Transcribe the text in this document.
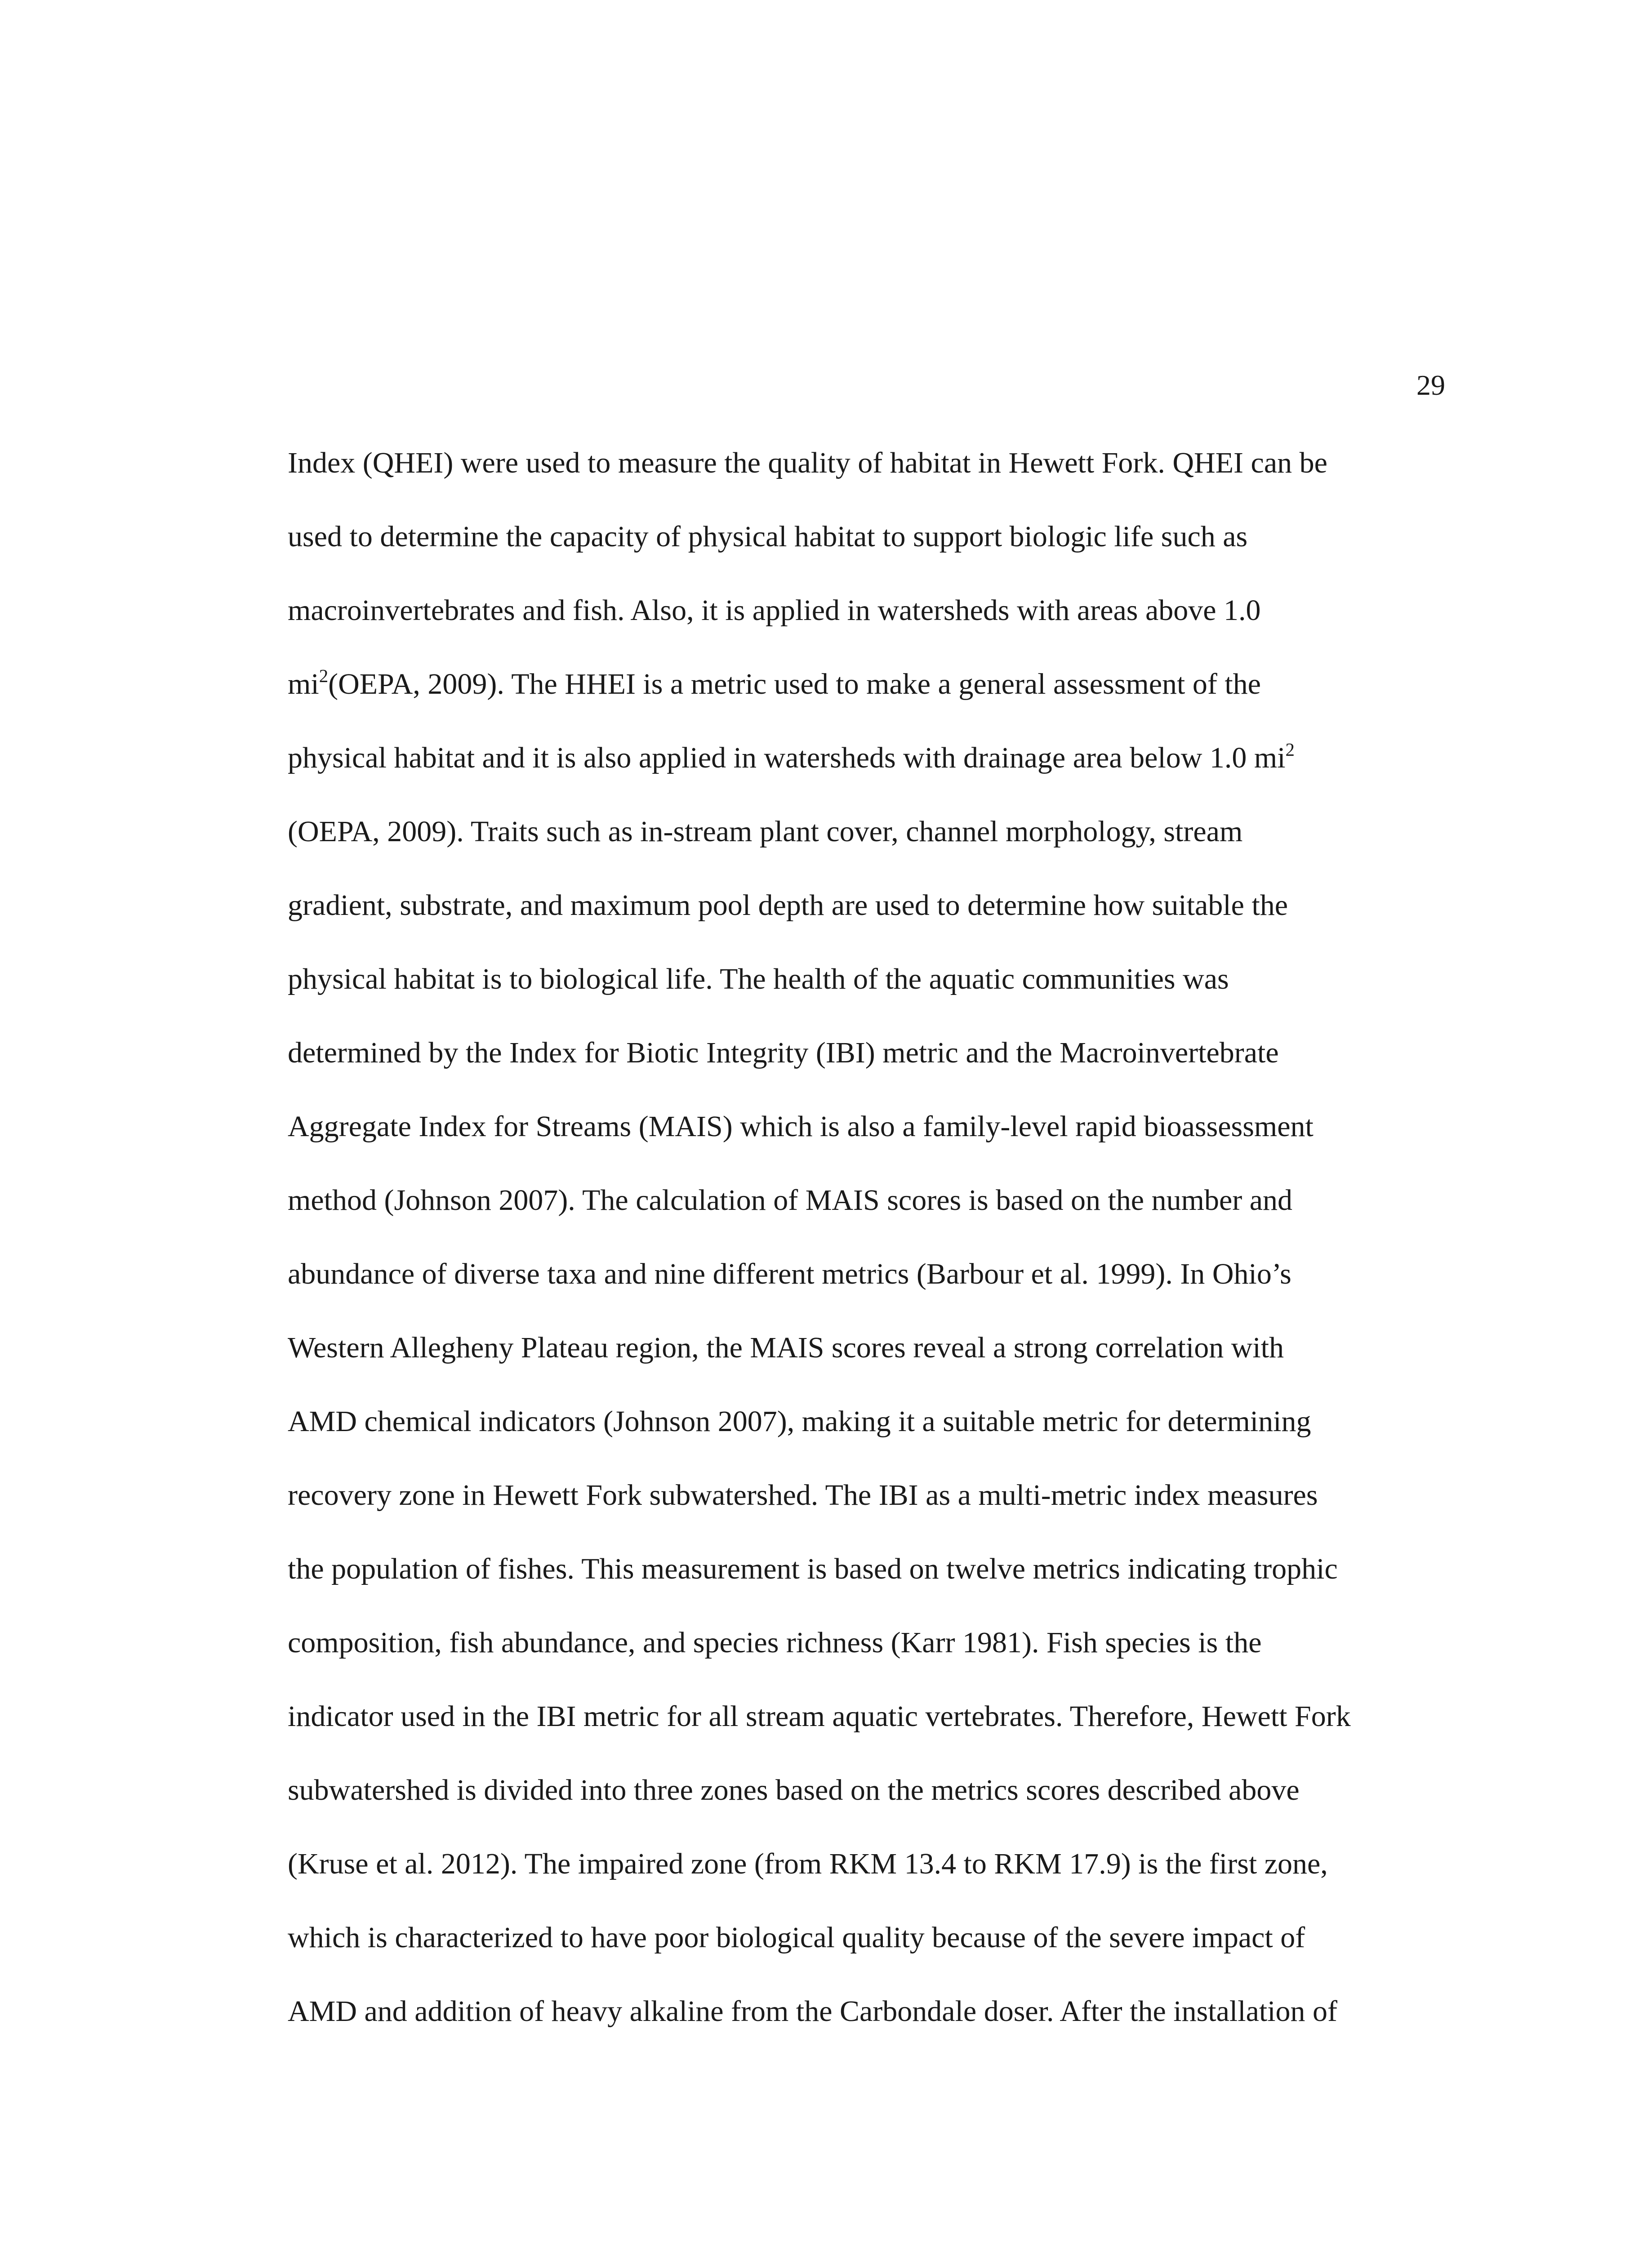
29
Index (QHEI) were used to measure the quality of habitat in Hewett Fork. QHEI can be
used to determine the capacity of physical habitat to support biologic life such as
macroinvertebrates and fish. Also, it is applied in watersheds with areas above 1.0
$mi^2(OEPA$, 2009). The HHEI is a metric used to make a general assessment of the
physical habitat and it is also applied in watersheds with drainage area below 1.0 $mi^2$
(OEPA, 2009). Traits such as in-stream plant cover, channel morphology, stream
gradient, substrate, and maximum pool depth are used to determine how suitable the
physical habitat is to biological life. The health of the aquatic communities was
determined by the Index for Biotic Integrity (IBI) metric and the Macroinvertebrate
Aggregate Index for Streams (MAIS) which is also a family-level rapid bioassessment
method (Johnson 2007). The calculation of MAIS scores is based on the number and
abundance of diverse taxa and nine different metrics (Barbour et al. 1999). In Ohio’s
Western Allegheny Plateau region, the MAIS scores reveal a strong correlation with
AMD chemical indicators (Johnson 2007), making it a suitable metric for determining
recovery zone in Hewett Fork subwatershed. The IBI as a multi-metric index measures
the population of fishes. This measurement is based on twelve metrics indicating trophic
composition, fish abundance, and species richness (Karr 1981). Fish species is the
indicator used in the IBI metric for all stream aquatic vertebrates. Therefore, Hewett Fork
subwatershed is divided into three zones based on the metrics scores described above
(Kruse et al. 2012). The impaired zone (from RKM 13.4 to RKM 17.9) is the first zone,
which is characterized to have poor biological quality because of the severe impact of
AMD and addition of heavy alkaline from the Carbondale doser. After the installation of
